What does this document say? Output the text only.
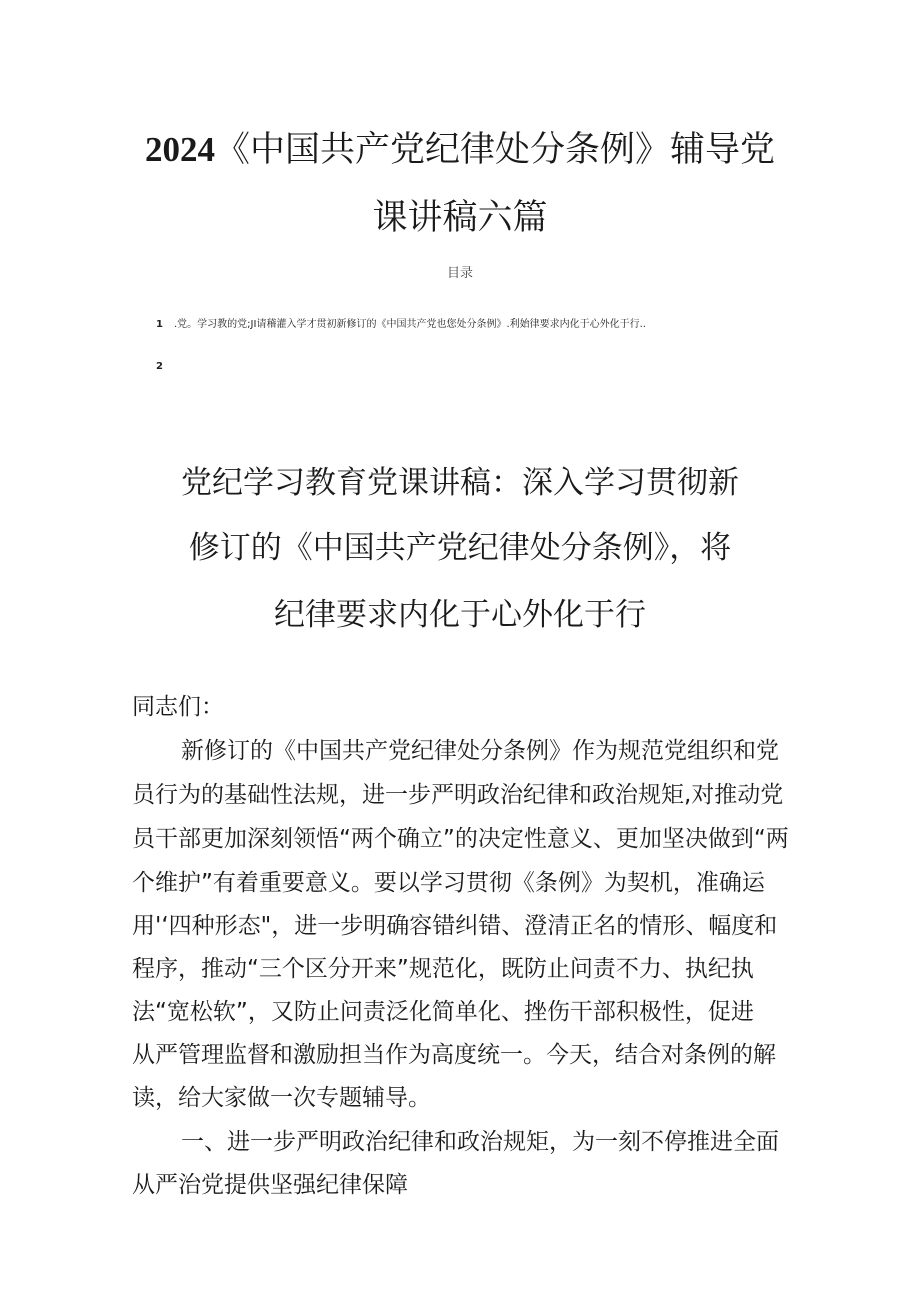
2024《中国共产党纪律处分条例》辅导党
课讲稿六篇
目录
1 .党。学习教的党;JI请稽灌入学才贯初新修订的《中国共产党也您处分条例》.利始律要求内化于心外化于行..
2
党纪学习教育党课讲稿：深入学习贯彻新
修订的《中国共产党纪律处分条例》，将
纪律要求内化于心外化于行
同志们：
新修订的《中国共产党纪律处分条例》作为规范党组织和党
员行为的基础性法规，进一步严明政治纪律和政治规矩,对推动党
员干部更加深刻领悟“两个确立”的决定性意义、更加坚决做到“两
个维护”有着重要意义。要以学习贯彻《条例》为契机，准确运
用'‘四种形态"，进一步明确容错纠错、澄清正名的情形、幅度和
程序，推动“三个区分开来”规范化，既防止问责不力、执纪执
法“宽松软”，又防止问责泛化简单化、挫伤干部积极性，促进
从严管理监督和激励担当作为高度统一。今天，结合对条例的解
读，给大家做一次专题辅导。
一、进一步严明政治纪律和政治规矩，为一刻不停推进全面
从严治党提供坚强纪律保障
